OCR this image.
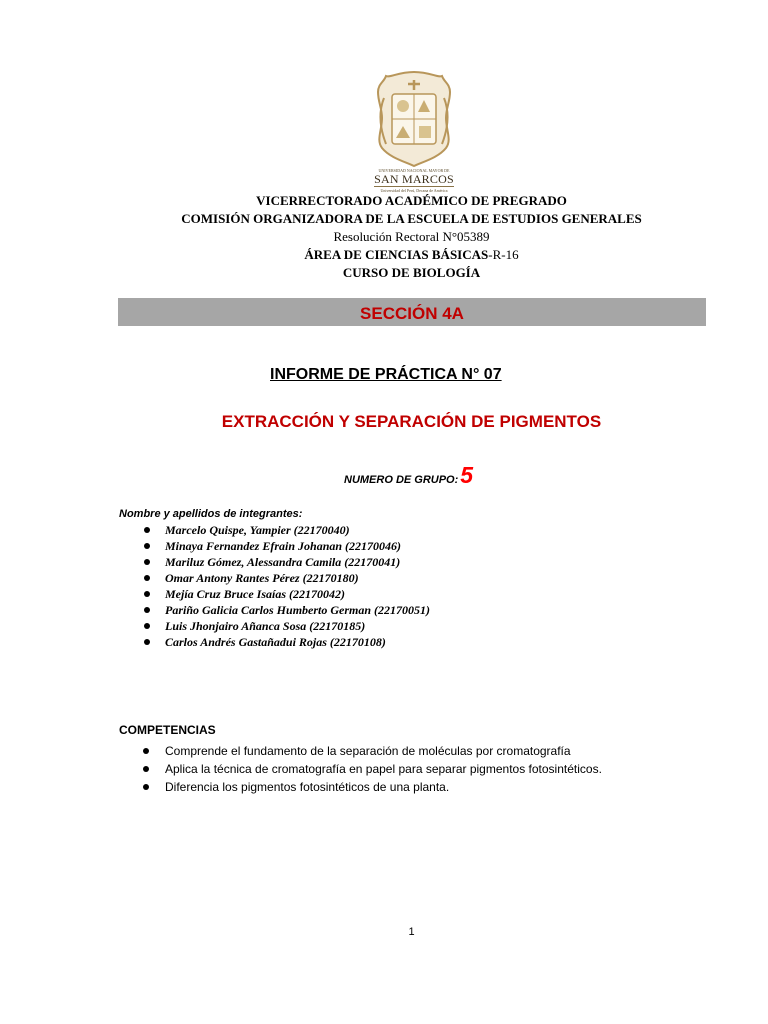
UNIVERSIDAD NACIONAL MAYOR DE
SAN MARCOS
Universidad del Perú, Decana de América
VICERRECTORADO ACADÉMICO DE PREGRADO
COMISIÓN ORGANIZADORA DE LA ESCUELA DE ESTUDIOS GENERALES
Resolución Rectoral N°05389
ÁREA DE CIENCIAS BÁSICAS-R-16
CURSO DE BIOLOGÍA
SECCIÓN 4A
INFORME DE PRÁCTICA N° 07
EXTRACCIÓN Y SEPARACIÓN DE PIGMENTOS
NUMERO DE GRUPO:5
Nombre y apellidos de integrantes:
Marcelo Quispe, Yampier (22170040)
Minaya Fernandez Efrain Johanan (22170046)
Mariluz Gómez, Alessandra Camila (22170041)
Omar Antony Rantes Pérez (22170180)
Mejía Cruz Bruce Isaías (22170042)
Pariño Galicia Carlos Humberto German (22170051)
Luis Jhonjairo Añanca Sosa (22170185)
Carlos Andrés Gastañadui Rojas (22170108)
COMPETENCIAS
Comprende el fundamento de la separación de moléculas por cromatografía
Aplica la técnica de cromatografía en papel para separar pigmentos fotosintéticos.
Diferencia los pigmentos fotosintéticos de una planta.
1
